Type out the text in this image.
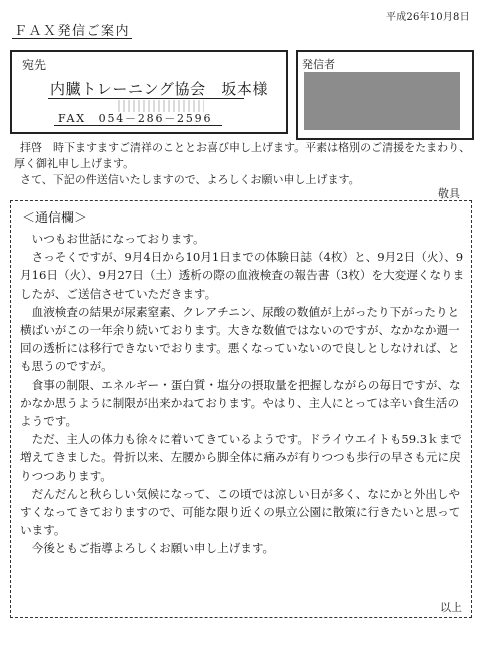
平成26年10月8日
ＦＡＸ発信ご案内
宛先
内臓トレーニング協会　坂本様
FAX　054－286－2596
発信者
拝啓　時下ますますご清祥のこととお喜び申し上げます。平素は格別のご清援をたまわり、
厚く御礼申し上げます。
さて、下記の件送信いたしますので、よろしくお願い申し上げます。
敬具
＜通信欄＞

　いつもお世話になっております。

　さっそくですが、9月4日から10月1日までの体験日誌（4枚）と、9月2日（火）、9月16日（火）、9月27日（土）透析の際の血液検査の報告書（3枚）を大変遅くなりましたが、ご送信させていただきます。

　血液検査の結果が尿素窒素、クレアチニン、尿酸の数値が上がったり下がったりと横ばいがこの一年余り続いております。大きな数値ではないのですが、なかなか週一回の透析には移行できないでおります。悪くなっていないので良しとしなければ、とも思うのですが。

　食事の制限、エネルギー・蛋白質・塩分の摂取量を把握しながらの毎日ですが、なかなか思うように制限が出来かねております。やはり、主人にとっては辛い食生活のようです。

　ただ、主人の体力も徐々に着いてきているようです。ドライウエイトも59.3ｋまで増えてきました。骨折以来、左腰から脚全体に痛みが有りつつも歩行の早さも元に戻りつつあります。

　だんだんと秋らしい気候になって、この頃では涼しい日が多く、なにかと外出しやすくなってきておりますので、可能な限り近くの県立公園に散策に行きたいと思っています。

　今後ともご指導よろしくお願い申し上げます。

以上
